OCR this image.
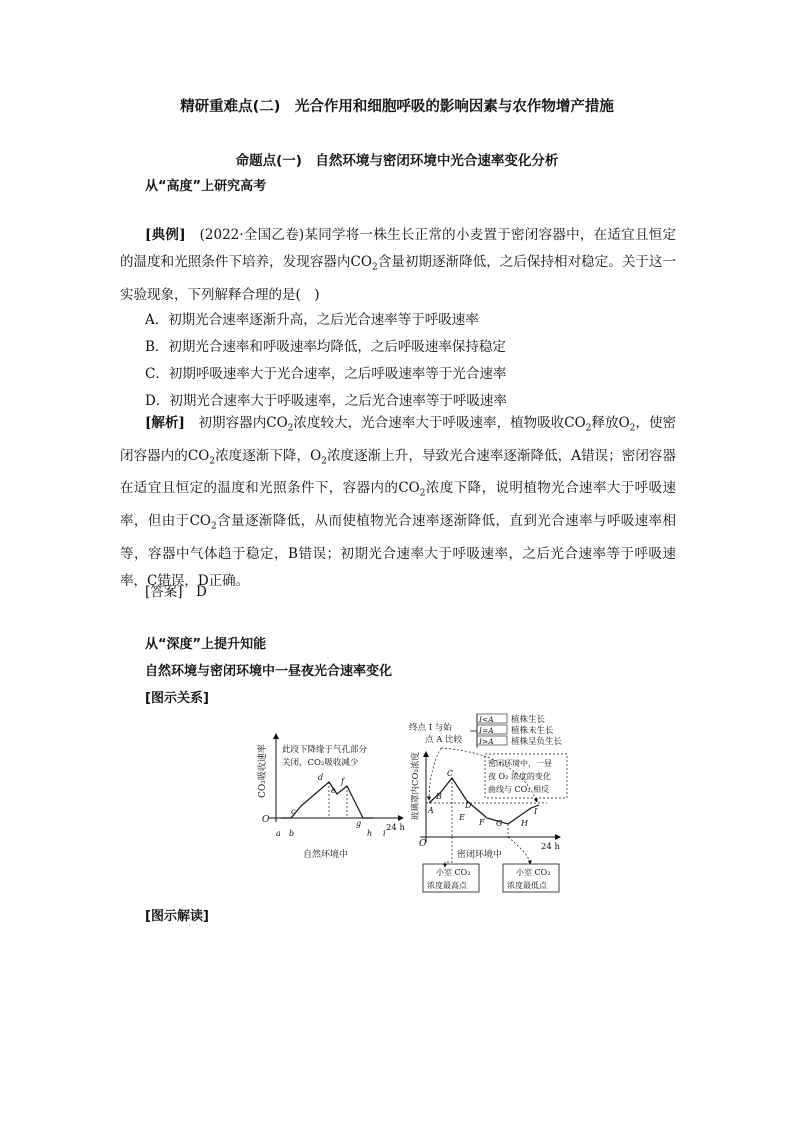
精研重难点(二)　光合作用和细胞呼吸的影响因素与农作物增产措施
命题点(一)　自然环境与密闭环境中光合速率变化分析
从“高度”上研究高考
[典例]　 (2022·全国乙卷)某同学将一株生长正常的小麦置于密闭容器中，在适宜且恒定的温度和光照条件下培养，发现容器内$CO_2$含量初期逐渐降低，之后保持相对稳定。关于这一实验现象，下列解释合理的是(　)
A．初期光合速率逐渐升高，之后光合速率等于呼吸速率
B．初期光合速率和呼吸速率均降低，之后呼吸速率保持稳定
C．初期呼吸速率大于光合速率，之后呼吸速率等于光合速率
D．初期光合速率大于呼吸速率，之后光合速率等于呼吸速率
[解析]　 初期容器内$CO_2$浓度较大，光合速率大于呼吸速率，植物吸收$CO_2$释放$O_2$，使密闭容器内的$CO_2$浓度逐渐下降，$O_2$浓度逐渐上升，导致光合速率逐渐降低，A错误；密闭容器在适宜且恒定的温度和光照条件下，容器内的$CO_2$浓度下降，说明植物光合速率大于呼吸速率，但由于$CO_2$含量逐渐降低，从而使植物光合速率逐渐降低，直到光合速率与呼吸速率相等，容器中气体趋于稳定，B错误；初期光合速率大于呼吸速率，之后光合速率等于呼吸速率，C错误，D正确。
[答案]　 D
从“深度”上提升知能
自然环境与密闭环境中一昼夜光合速率变化
[图示关系]
O
CO₂吸收速率 此段下降缘于气孔部分
关闭，CO₂吸收减少
a b
c
d
e
f
g
h i
24 h
自然环境中
终点 I 与始
点 A 比较
I<A 植株生长
I=A 植株未生长
I>A 植株呈负生长
O
玻璃罩内CO₂浓度 A
B
C
D
E
F G H
I
密闭环境中，一昼
夜 O₂ 浓度的变化
曲线与 CO₂ 相反
24 h
密闭环境中
小室 CO₂
浓度最高点
小室 CO₂
浓度最低点
[图示解读]
